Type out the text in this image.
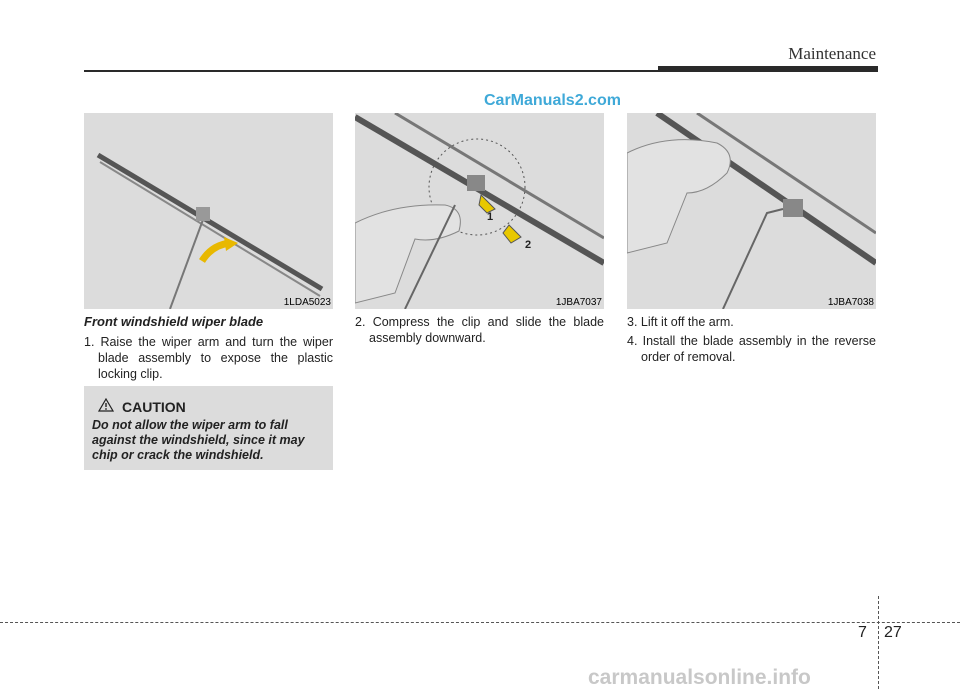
Maintenance
CarManuals2.com
1LDA5023
1
2
1JBA7037	1JBA7038

Front windshield wiper blade

1. Raise the wiper arm and turn the wiper blade assembly to expose the plastic locking clip.

2. Compress the clip and slide the blade assembly downward.

3. Lift it off the arm.

4. Install the blade assembly in the reverse order of removal.

CAUTION
Do not allow the wiper arm to fall against the windshield, since it may chip or crack the windshield.
7 27
carmanualsonline.info
